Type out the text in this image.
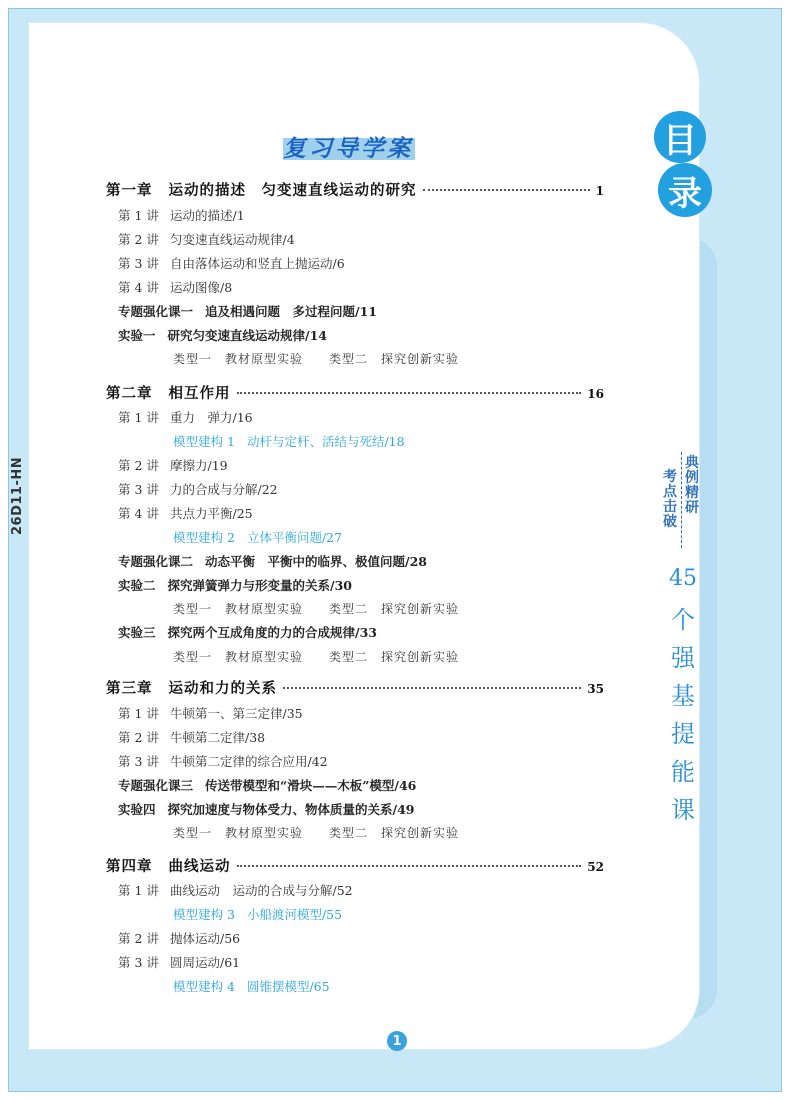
26D11-HN
复习导学案	目
录
典例精研
考点击破
45
个
强
基
提
能
课
第一章 运动的描述　匀变速直线运动的研究	1
第 1 讲 运动的描述/1
第 2 讲 匀变速直线运动规律/4
第 3 讲 自由落体运动和竖直上抛运动/6
第 4 讲 运动图像/8
专题强化课一 追及相遇问题　多过程问题/11
实验一 研究匀变速直线运动规律/14
类型一　教材原型实验 类型二　探究创新实验
第二章 相互作用	16
第 1 讲 重力　弹力/16
模型建构 1 动杆与定杆、活结与死结/18
第 2 讲 摩擦力/19
第 3 讲 力的合成与分解/22
第 4 讲 共点力平衡/25
模型建构 2 立体平衡问题/27
专题强化课二 动态平衡　平衡中的临界、极值问题/28
实验二 探究弹簧弹力与形变量的关系/30
类型一　教材原型实验 类型二　探究创新实验
实验三 探究两个互成角度的力的合成规律/33
类型一　教材原型实验 类型二　探究创新实验
第三章 运动和力的关系	35
第 1 讲 牛顿第一、第三定律/35
第 2 讲 牛顿第二定律/38
第 3 讲 牛顿第二定律的综合应用/42
专题强化课三 传送带模型和“滑块——木板”模型/46
实验四 探究加速度与物体受力、物体质量的关系/49
类型一　教材原型实验 类型二　探究创新实验
第四章 曲线运动	52
第 1 讲 曲线运动　运动的合成与分解/52
模型建构 3 小船渡河模型/55
第 2 讲 抛体运动/56
第 3 讲 圆周运动/61
模型建构 4 圆锥摆模型/65
1
